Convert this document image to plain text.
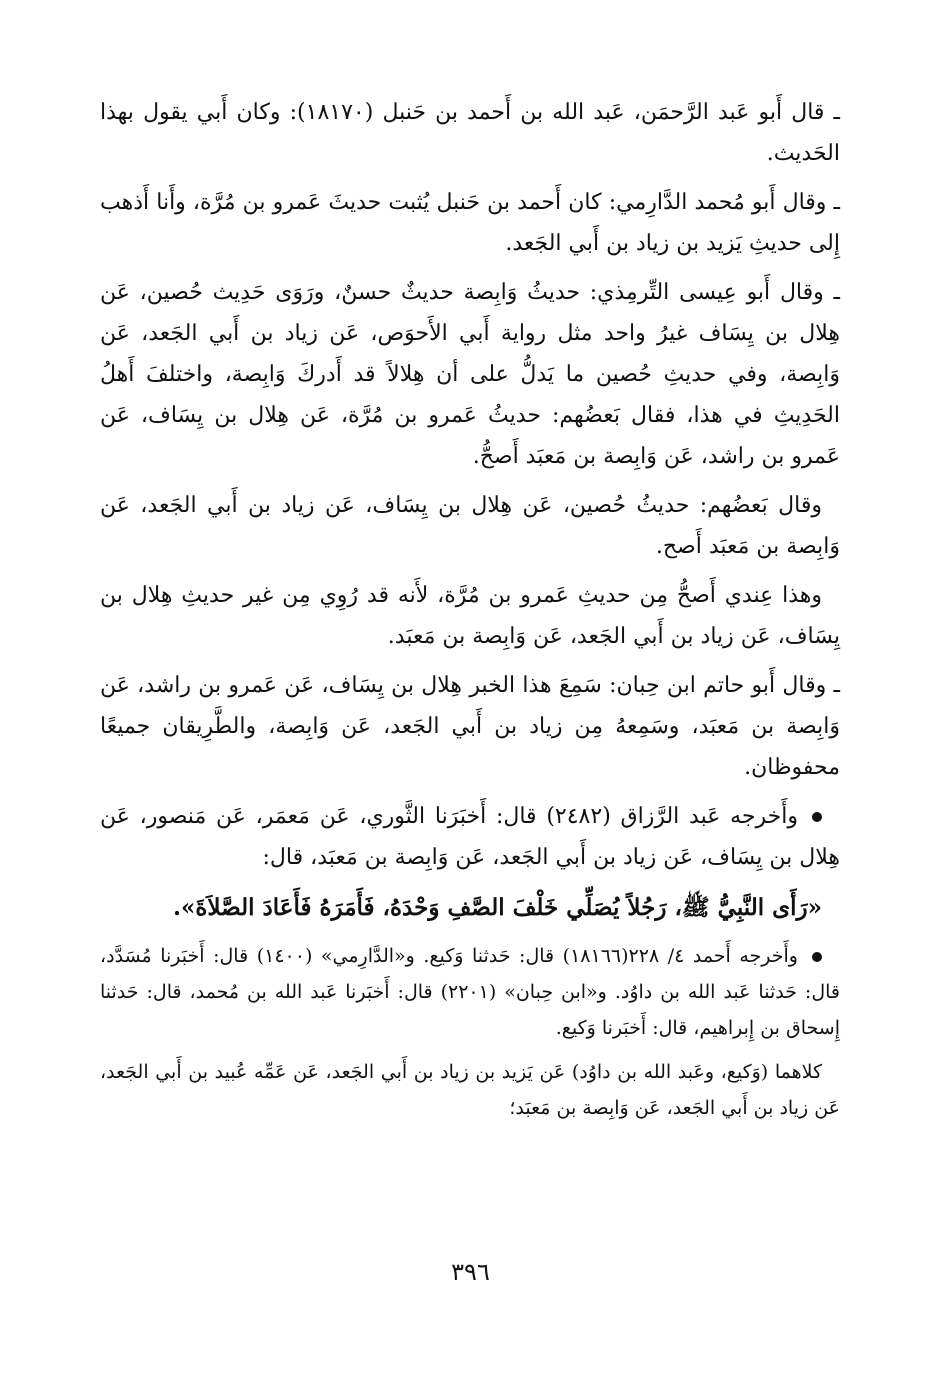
ـ قال أَبو عَبد الرَّحمَن، عَبد الله بن أَحمد بن حَنبل (١٨١٧٠): وكان أَبي يقول بهذا الحَديث.

ـ وقال أَبو مُحمد الدَّارِمي: كان أَحمد بن حَنبل يُثبت حديثَ عَمرو بن مُرَّة، وأَنا أَذهب إِلى حديثِ يَزيد بن زياد بن أَبي الجَعد.

ـ وقال أَبو عِيسى التِّرمِذي: حديثُ وَابِصة حديثٌ حسنٌ، ورَوَى حَدِيث حُصين، عَن هِلال بن يِسَاف غيرُ واحد مثل رواية أَبي الأَحوَص، عَن زياد بن أَبي الجَعد، عَن وَابِصة، وفي حديثِ حُصين ما يَدلُّ على أن هِلالاً قد أَدركَ وَابِصة، واختلفَ أَهلُ الحَدِيثِ في هذا، فقال بَعضُهم: حديثُ عَمرو بن مُرَّة، عَن هِلال بن يِسَاف، عَن عَمرو بن راشد، عَن وَابِصة بن مَعبَد أَصحُّ.

وقال بَعضُهم: حديثُ حُصين، عَن هِلال بن يِسَاف، عَن زياد بن أَبي الجَعد، عَن وَابِصة بن مَعبَد أَصح.

وهذا عِندي أَصحُّ مِن حديثِ عَمرو بن مُرَّة، لأَنه قد رُوِي مِن غير حديثِ هِلال بن يِسَاف، عَن زياد بن أَبي الجَعد، عَن وَابِصة بن مَعبَد.

ـ وقال أَبو حاتم ابن حِبان: سَمِعَ هذا الخبر هِلال بن يِسَاف، عَن عَمرو بن راشد، عَن وَابِصة بن مَعبَد، وسَمِعهُ مِن زياد بن أَبي الجَعد، عَن وَابِصة، والطَّرِيقان جميعًا محفوظان.

وأَخرجه عَبد الرَّزاق (٢٤٨٢) قال: أَخبَرَنا الثَّوري، عَن مَعمَر، عَن مَنصور، عَن هِلال بن يِسَاف، عَن زياد بن أَبي الجَعد، عَن وَابِصة بن مَعبَد، قال:

«رَأَى النَّبِيُّ ﷺ، رَجُلاً يُصَلِّي خَلْفَ الصَّفِ وَحْدَهُ، فَأَمَرَهُ فَأَعَادَ الصَّلاَةَ».

وأَخرجه أَحمد ٤/ ٢٢٨(١٨١٦٦) قال: حَدثنا وَكيع. و«الدَّارِمي» (١٤٠٠) قال: أَخبَرنا مُسَدَّد، قال: حَدثنا عَبد الله بن داوُد. و«ابن حِبان» (٢٢٠١) قال: أَخبَرنا عَبد الله بن مُحمد، قال: حَدثنا إِسحاق بن إِبراهيم، قال: أَخبَرنا وَكيع.

كلاهما (وَكيع، وعَبد الله بن داوُد) عَن يَزيد بن زياد بن أَبي الجَعد، عَن عَمِّه عُبيد بن أَبي الجَعد، عَن زياد بن أَبي الجَعد، عَن وَابِصة بن مَعبَد؛

٣٩٦
